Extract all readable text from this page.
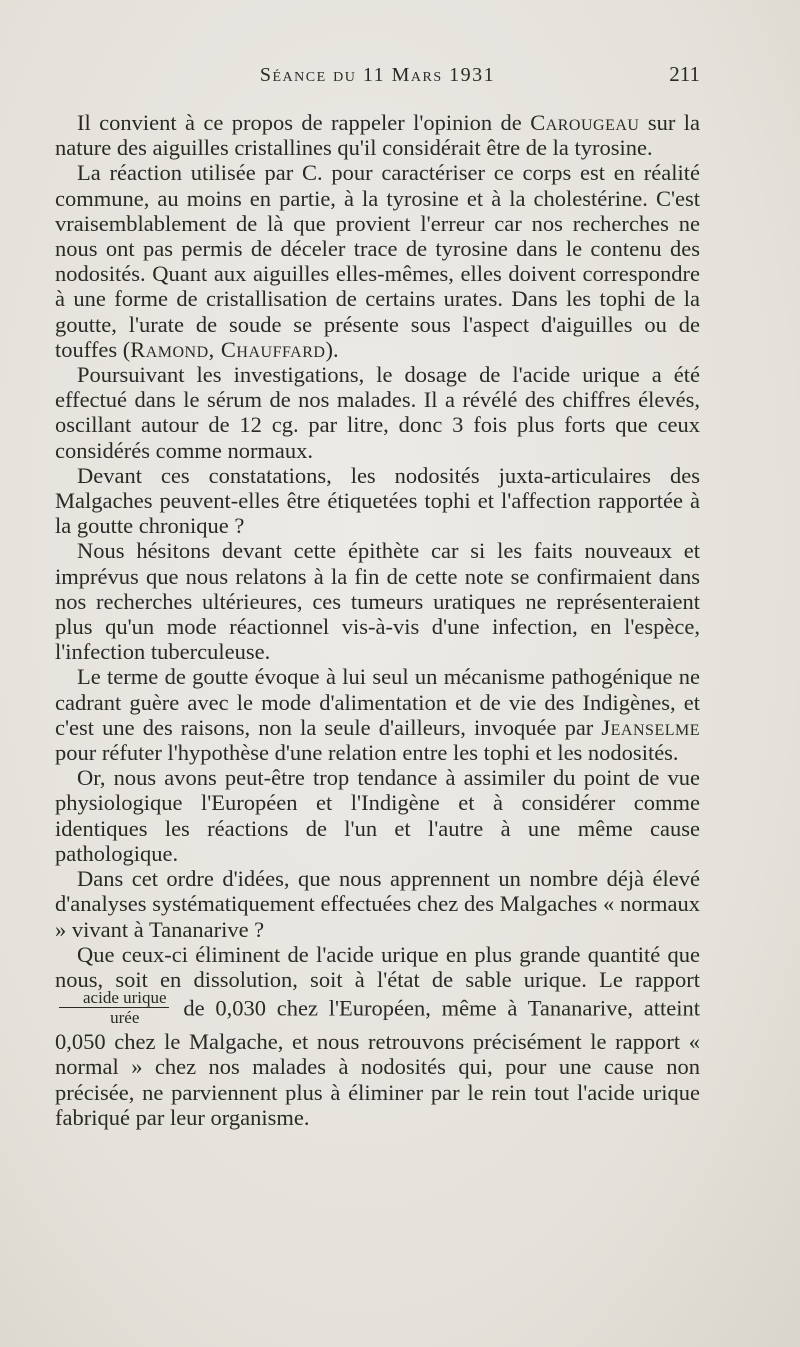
Séance du 11 Mars 1931	211

Il convient à ce propos de rappeler l'opinion de Carougeau sur la nature des aiguilles cristallines qu'il considérait être de la tyrosine.

La réaction utilisée par C. pour caractériser ce corps est en réalité commune, au moins en partie, à la tyrosine et à la cholestérine. C'est vraisemblablement de là que provient l'erreur car nos recherches ne nous ont pas permis de déceler trace de tyrosine dans le contenu des nodosités. Quant aux aiguilles elles-mêmes, elles doivent correspondre à une forme de cristallisation de certains urates. Dans les tophi de la goutte, l'urate de soude se présente sous l'aspect d'aiguilles ou de touffes (Ramond, Chauffard).

Poursuivant les investigations, le dosage de l'acide urique a été effectué dans le sérum de nos malades. Il a révélé des chiffres élevés, oscillant autour de 12 cg. par litre, donc 3 fois plus forts que ceux considérés comme normaux.

Devant ces constatations, les nodosités juxta-articulaires des Malgaches peuvent-elles être étiquetées tophi et l'affection rapportée à la goutte chronique ?

Nous hésitons devant cette épithète car si les faits nouveaux et imprévus que nous relatons à la fin de cette note se confirmaient dans nos recherches ultérieures, ces tumeurs uratiques ne représenteraient plus qu'un mode réactionnel vis-à-vis d'une infection, en l'espèce, l'infection tuberculeuse.

Le terme de goutte évoque à lui seul un mécanisme pathogénique ne cadrant guère avec le mode d'alimentation et de vie des Indigènes, et c'est une des raisons, non la seule d'ailleurs, invoquée par Jeanselme pour réfuter l'hypothèse d'une relation entre les tophi et les nodosités.

Or, nous avons peut-être trop tendance à assimiler du point de vue physiologique l'Européen et l'Indigène et à considérer comme identiques les réactions de l'un et l'autre à une même cause pathologique.

Dans cet ordre d'idées, que nous apprennent un nombre déjà élevé d'analyses systématiquement effectuées chez des Malgaches « normaux » vivant à Tananarive ?

Que ceux-ci éliminent de l'acide urique en plus grande quantité que nous, soit en dissolution, soit à l'état de sable urique. Le rapport
$\frac{\text{acide urique}}{\text{urée}}$ de 0,030 chez l'Européen, même à Tananarive, atteint 0,050 chez le Malgache, et nous retrouvons précisément le rapport « normal » chez nos malades à nodosités qui, pour une cause non précisée, ne parviennent plus à éliminer par le rein tout l'acide urique fabriqué par leur organisme.
